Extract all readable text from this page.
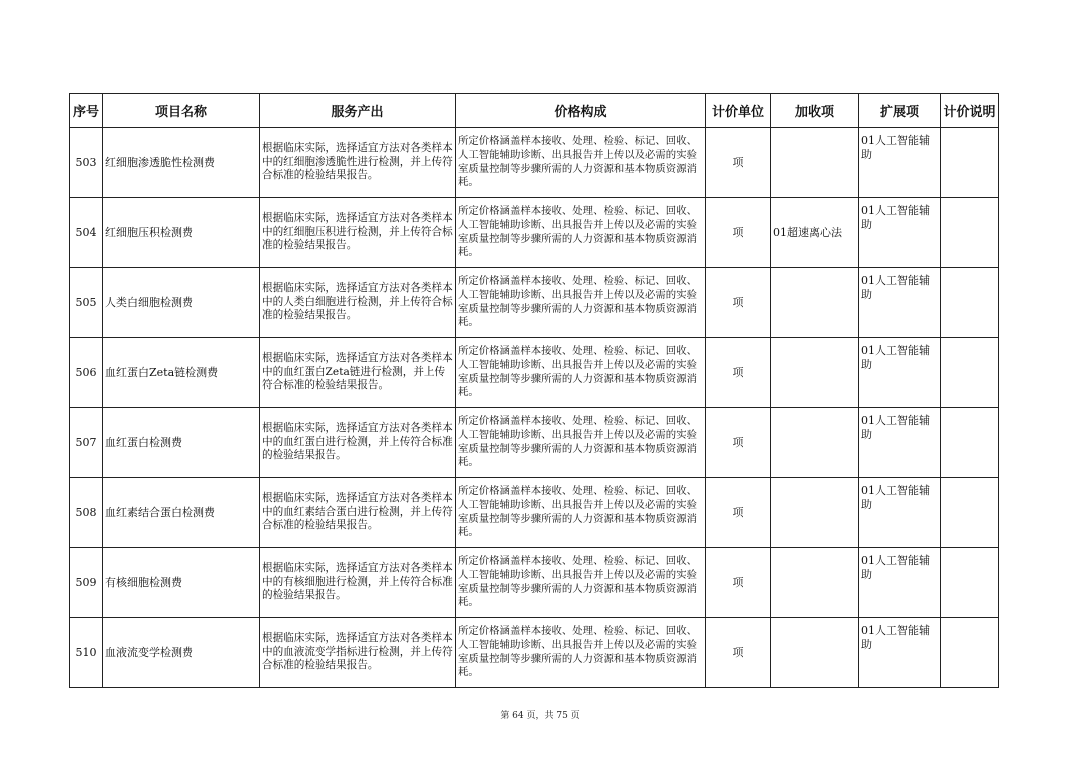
序号	项目名称	服务产出	价格构成	计价单位	加收项	扩展项	计价说明
503	红细胞渗透脆性检测费	根据临床实际，选择适宜方法对各类样本中的红细胞渗透脆性进行检测，并上传符合标准的检验结果报告。	所定价格涵盖样本接收、处理、检验、标记、回收、人工智能辅助诊断、出具报告并上传以及必需的实验室质量控制等步骤所需的人力资源和基本物质资源消耗。	项		01人工智能辅助	
504	红细胞压积检测费	根据临床实际，选择适宜方法对各类样本中的红细胞压积进行检测，并上传符合标准的检验结果报告。	所定价格涵盖样本接收、处理、检验、标记、回收、人工智能辅助诊断、出具报告并上传以及必需的实验室质量控制等步骤所需的人力资源和基本物质资源消耗。	项	01超速离心法	01人工智能辅助	
505	人类白细胞检测费	根据临床实际，选择适宜方法对各类样本中的人类白细胞进行检测，并上传符合标准的检验结果报告。	所定价格涵盖样本接收、处理、检验、标记、回收、人工智能辅助诊断、出具报告并上传以及必需的实验室质量控制等步骤所需的人力资源和基本物质资源消耗。	项		01人工智能辅助	
506	血红蛋白Zeta链检测费	根据临床实际，选择适宜方法对各类样本中的血红蛋白Zeta链进行检测，并上传符合标准的检验结果报告。	所定价格涵盖样本接收、处理、检验、标记、回收、人工智能辅助诊断、出具报告并上传以及必需的实验室质量控制等步骤所需的人力资源和基本物质资源消耗。	项		01人工智能辅助	
507	血红蛋白检测费	根据临床实际，选择适宜方法对各类样本中的血红蛋白进行检测，并上传符合标准的检验结果报告。	所定价格涵盖样本接收、处理、检验、标记、回收、人工智能辅助诊断、出具报告并上传以及必需的实验室质量控制等步骤所需的人力资源和基本物质资源消耗。	项		01人工智能辅助	
508	血红素结合蛋白检测费	根据临床实际，选择适宜方法对各类样本中的血红素结合蛋白进行检测，并上传符合标准的检验结果报告。	所定价格涵盖样本接收、处理、检验、标记、回收、人工智能辅助诊断、出具报告并上传以及必需的实验室质量控制等步骤所需的人力资源和基本物质资源消耗。	项		01人工智能辅助	
509	有核细胞检测费	根据临床实际，选择适宜方法对各类样本中的有核细胞进行检测，并上传符合标准的检验结果报告。	所定价格涵盖样本接收、处理、检验、标记、回收、人工智能辅助诊断、出具报告并上传以及必需的实验室质量控制等步骤所需的人力资源和基本物质资源消耗。	项		01人工智能辅助	
510	血液流变学检测费	根据临床实际，选择适宜方法对各类样本中的血液流变学指标进行检测，并上传符合标准的检验结果报告。	所定价格涵盖样本接收、处理、检验、标记、回收、人工智能辅助诊断、出具报告并上传以及必需的实验室质量控制等步骤所需的人力资源和基本物质资源消耗。	项		01人工智能辅助	
第 64 页，共 75 页
